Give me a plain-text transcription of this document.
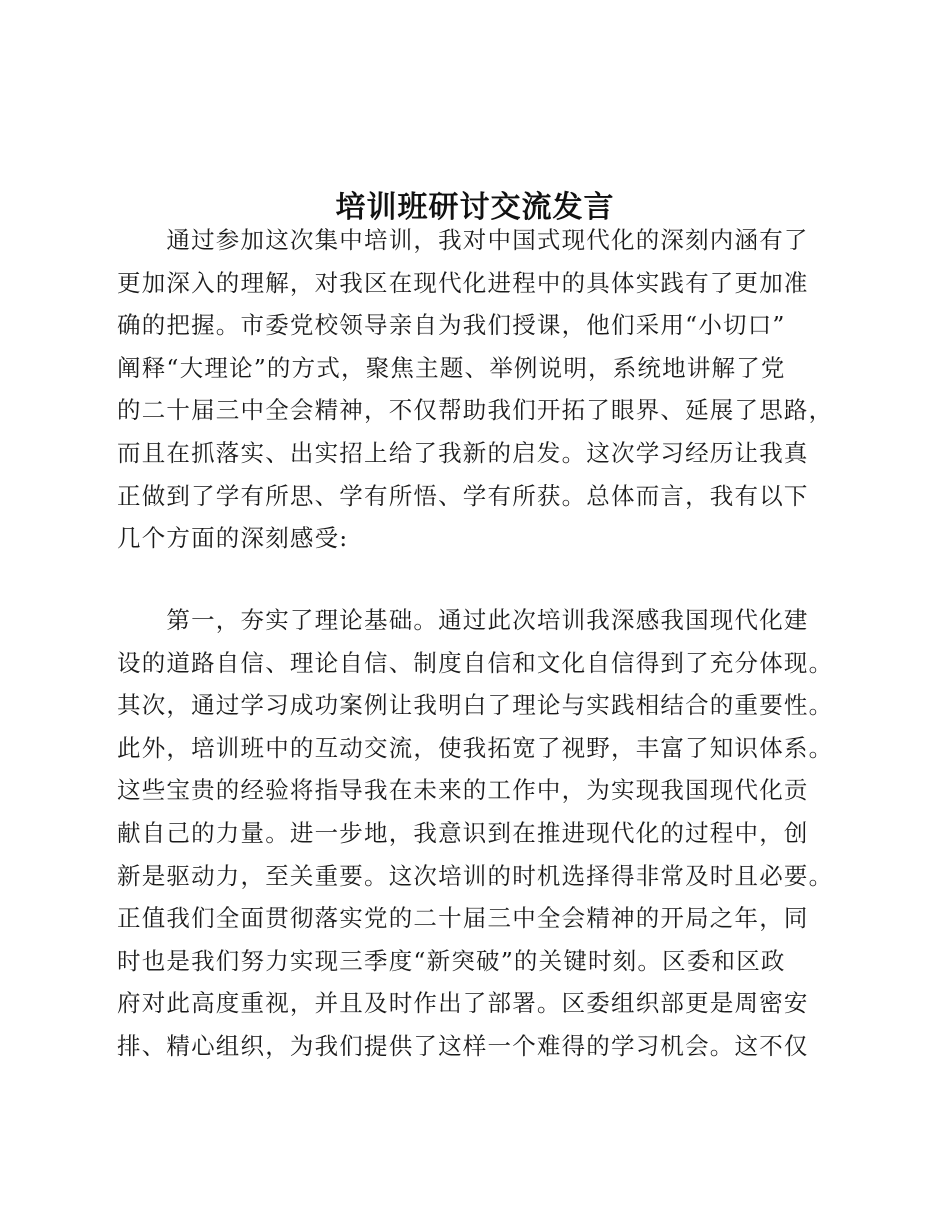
培训班研讨交流发言
　　通过参加这次集中培训，我对中国式现代化的深刻内涵有了
更加深入的理解，对我区在现代化进程中的具体实践有了更加准
确的把握。市委党校领导亲自为我们授课，他们采用“小切口”
阐释“大理论”的方式，聚焦主题、举例说明，系统地讲解了党
的二十届三中全会精神，不仅帮助我们开拓了眼界、延展了思路，
而且在抓落实、出实招上给了我新的启发。这次学习经历让我真
正做到了学有所思、学有所悟、学有所获。总体而言，我有以下
几个方面的深刻感受:
　　第一，夯实了理论基础。通过此次培训我深感我国现代化建
设的道路自信、理论自信、制度自信和文化自信得到了充分体现。
其次，通过学习成功案例让我明白了理论与实践相结合的重要性。
此外，培训班中的互动交流，使我拓宽了视野，丰富了知识体系。
这些宝贵的经验将指导我在未来的工作中，为实现我国现代化贡
献自己的力量。进一步地，我意识到在推进现代化的过程中，创
新是驱动力，至关重要。这次培训的时机选择得非常及时且必要。
正值我们全面贯彻落实党的二十届三中全会精神的开局之年，同
时也是我们努力实现三季度“新突破”的关键时刻。区委和区政
府对此高度重视，并且及时作出了部署。区委组织部更是周密安
排、精心组织，为我们提供了这样一个难得的学习机会。这不仅
